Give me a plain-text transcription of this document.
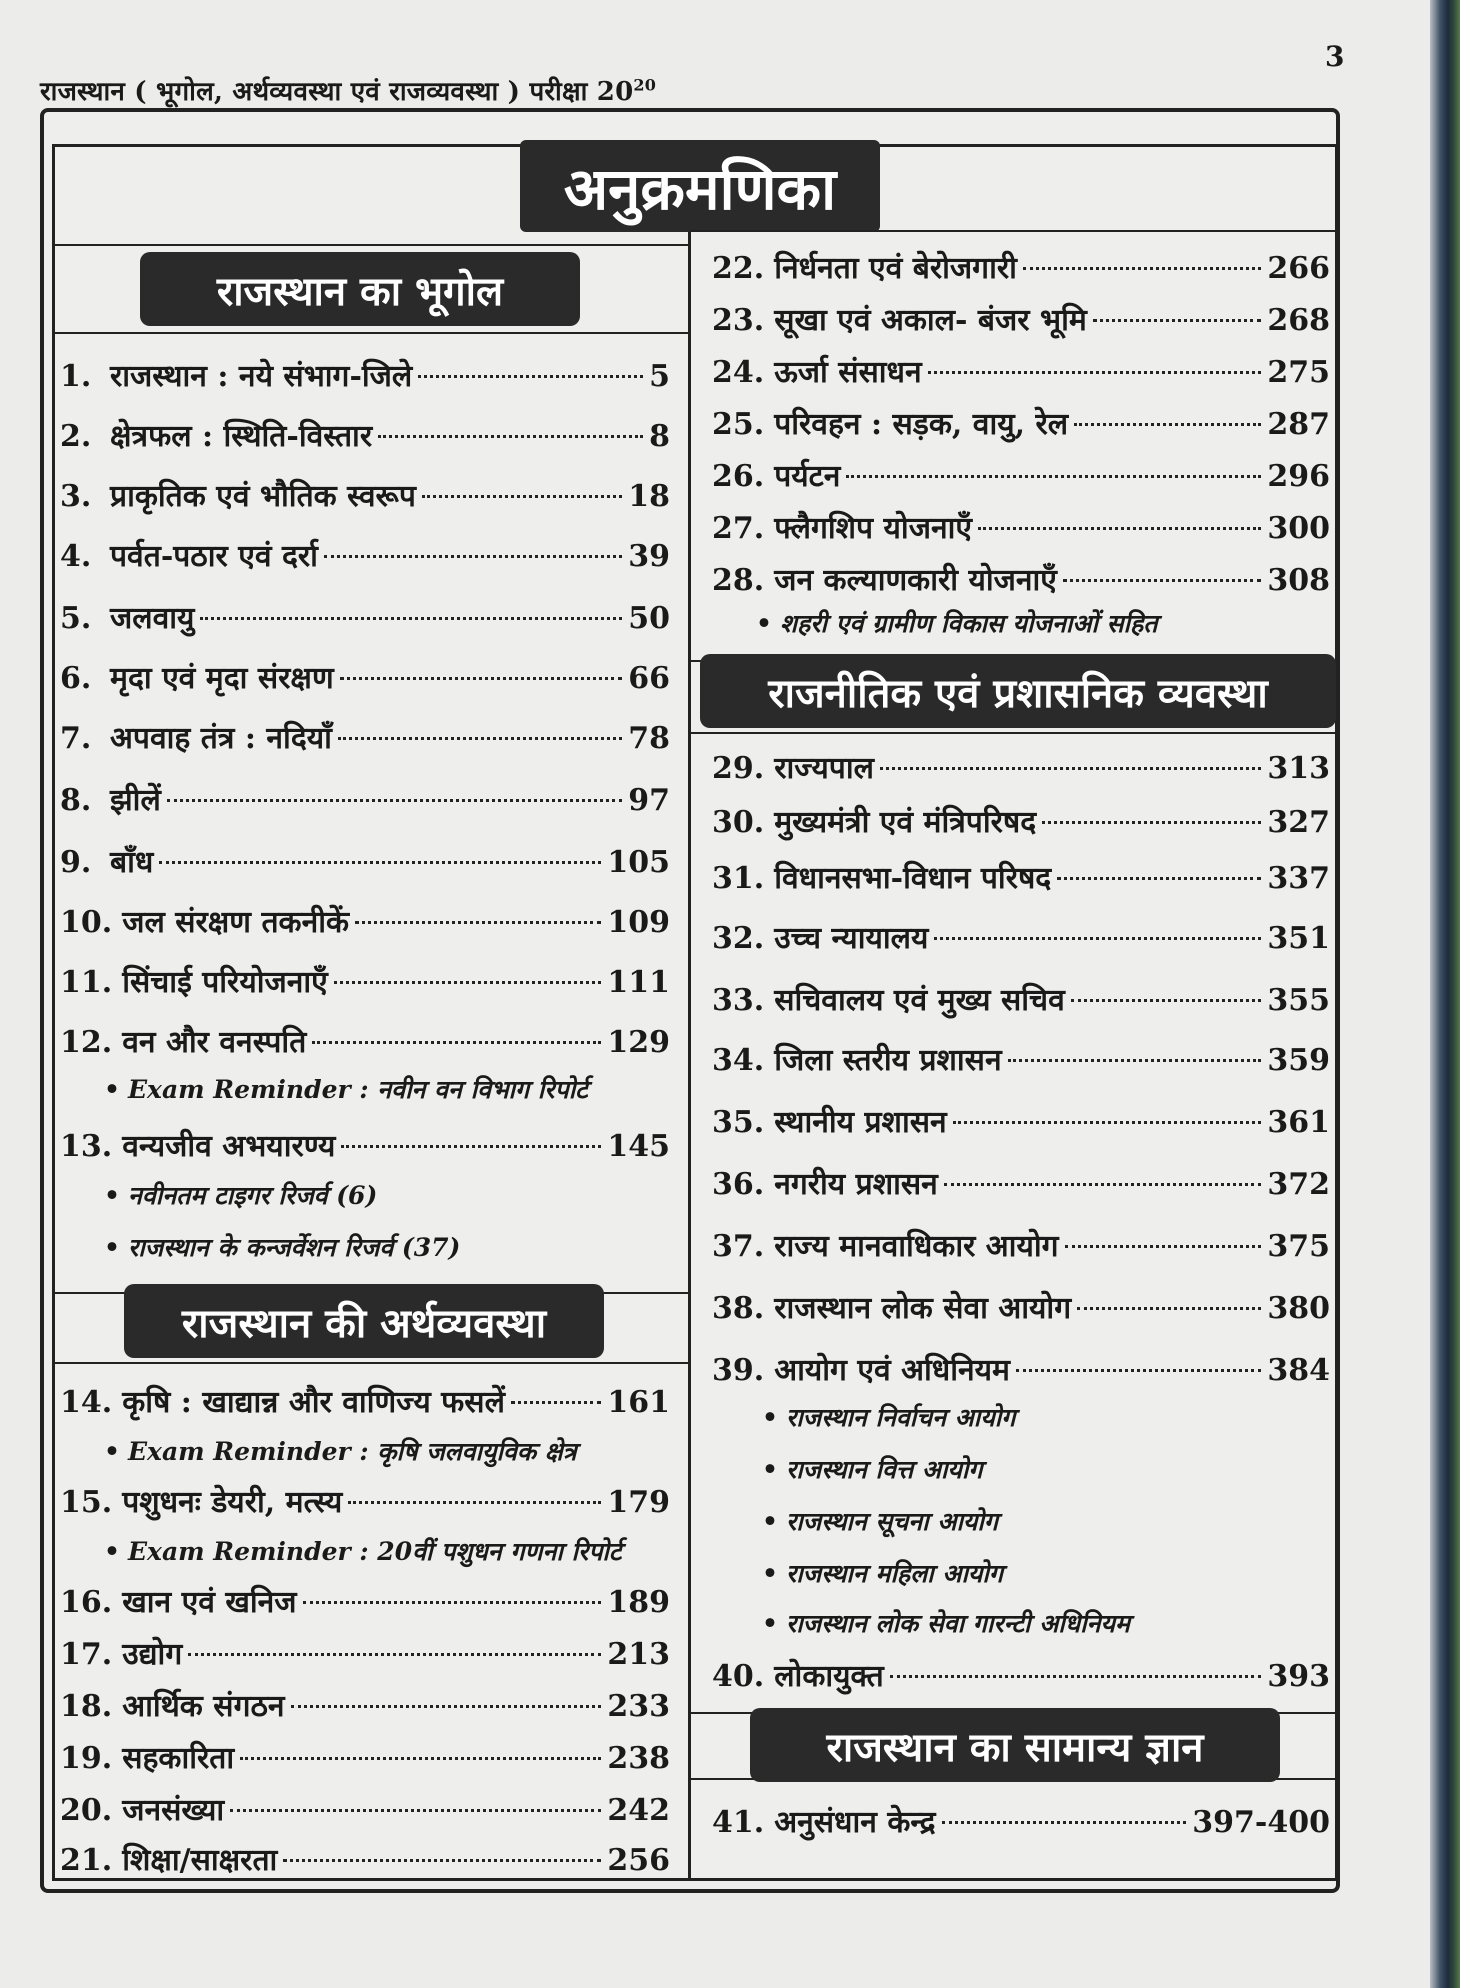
राजस्थान ( भूगोल, अर्थव्यवस्था एवं राजव्यवस्था ) परीक्षा $20^{20}$
3
अनुक्रमणिका
राजस्थान का भूगोल
राजस्थान की अर्थव्यवस्था
राजनीतिक एवं प्रशासनिक व्यवस्था
राजस्थान का सामान्य ज्ञान
1. राजस्थान : नये संभाग-जिले	5
2. क्षेत्रफल : स्थिति-विस्तार	8
3. प्राकृतिक एवं भौतिक स्वरूप	18
4. पर्वत-पठार एवं दर्रा	39
5. जलवायु	50
6. मृदा एवं मृदा संरक्षण	66
7. अपवाह तंत्र : नदियाँ	78
8. झीलें	97
9. बाँध	105
10. जल संरक्षण तकनीकें	109
11. सिंचाई परियोजनाएँ	111
12. वन और वनस्पति	129
• Exam Reminder : नवीन वन विभाग रिपोर्ट
13. वन्यजीव अभयारण्य	145
• नवीनतम टाइगर रिजर्व (6)
• राजस्थान के कन्जर्वेशन रिजर्व (37)
14. कृषि : खाद्यान्न और वाणिज्य फसलें	161
• Exam Reminder : कृषि जलवायुविक क्षेत्र
15. पशुधनः डेयरी, मत्स्य	179
• Exam Reminder : 20वीं पशुधन गणना रिपोर्ट
16. खान एवं खनिज	189
17. उद्योग	213
18. आर्थिक संगठन	233
19. सहकारिता	238
20. जनसंख्या	242
21. शिक्षा/साक्षरता	256
22. निर्धनता एवं बेरोजगारी	266
23. सूखा एवं अकाल- बंजर भूमि	268
24. ऊर्जा संसाधन	275
25. परिवहन : सड़क, वायु, रेल	287
26. पर्यटन	296
27. फ्लैगशिप योजनाएँ	300
28. जन कल्याणकारी योजनाएँ	308
• शहरी एवं ग्रामीण विकास योजनाओं सहित
29. राज्यपाल	313
30. मुख्यमंत्री एवं मंत्रिपरिषद	327
31. विधानसभा-विधान परिषद	337
32. उच्च न्यायालय	351
33. सचिवालय एवं मुख्य सचिव	355
34. जिला स्तरीय प्रशासन	359
35. स्थानीय प्रशासन	361
36. नगरीय प्रशासन	372
37. राज्य मानवाधिकार आयोग	375
38. राजस्थान लोक सेवा आयोग	380
39. आयोग एवं अधिनियम	384
• राजस्थान निर्वाचन आयोग
• राजस्थान वित्त आयोग
• राजस्थान सूचना आयोग
• राजस्थान महिला आयोग
• राजस्थान लोक सेवा गारन्टी अधिनियम
40. लोकायुक्त	393
41. अनुसंधान केन्द्र	397-400
